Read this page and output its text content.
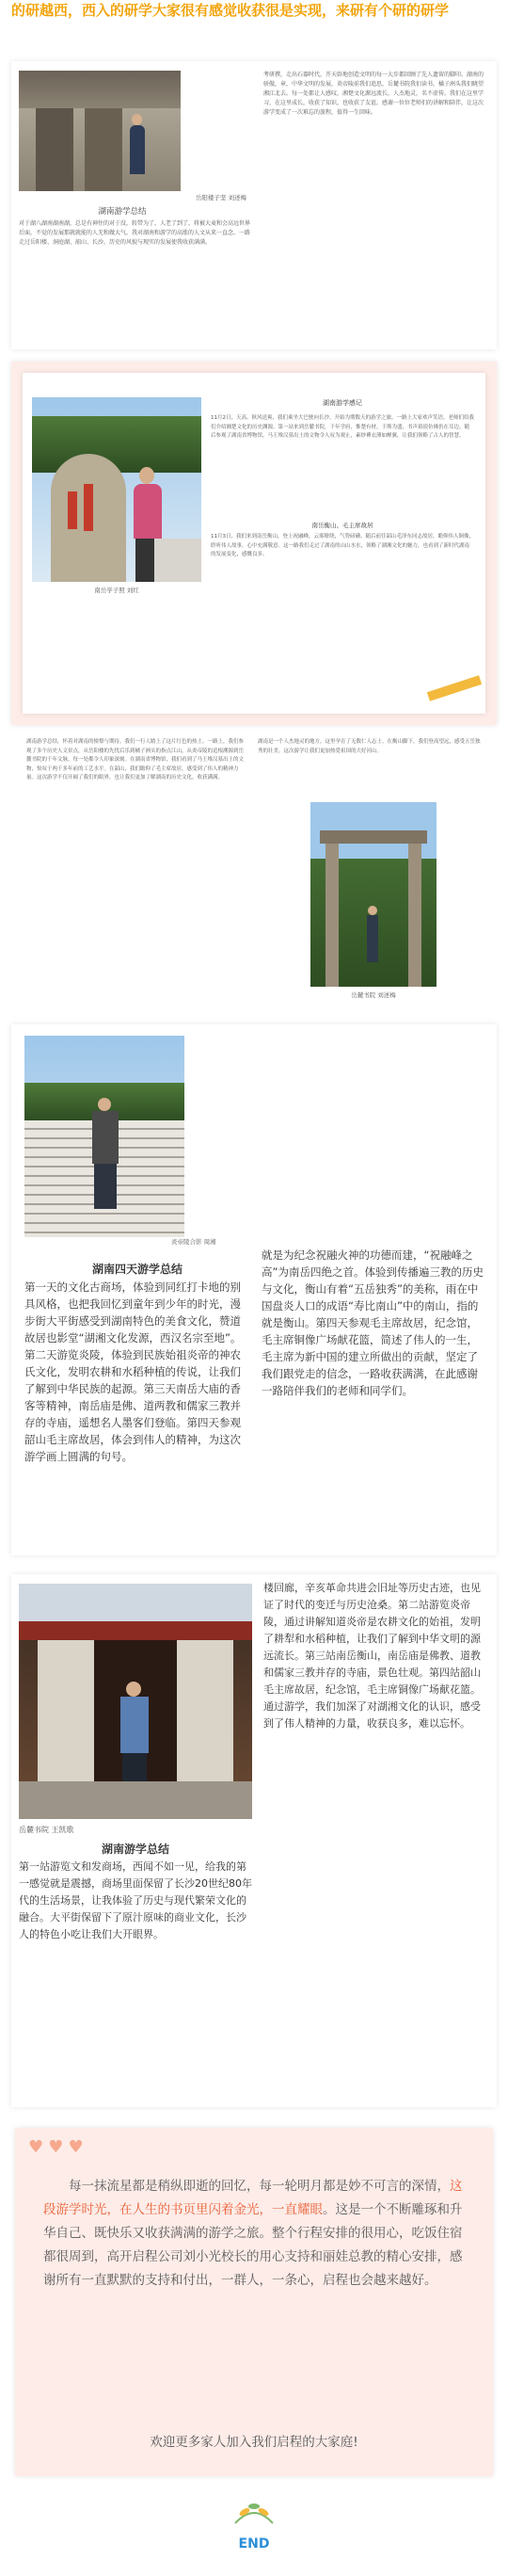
的研越西，西入的研学大家很有感觉收获很是实现，来研有个研的研学
岳阳楼子坚 刘述梅
湖南游学总结
对于湖八湖南湖南湖，总是有神往的对于没，转带为了，人老了到了，将被大麦和会高远世界后面，不觉的发展那就就能的人无和做大气。我对湖南和游学的高涨的人文从来一直念。一路走过岳阳楼、洞庭湖、韶山、长沙，历史的风貌与现实的发展使我收获满满。
考研撰，走出石器时代，开天辟地创造文明的每一大步都回顾了先人遗留的脚印。湖南的骄傲，章，中华文明的发展，炎帝陵前我们追思，岳麓书院我们读书，橘子洲头我们眺望湘江北去。每一处都让人感叹，湘楚文化源远流长，人杰地灵，名不虚传。我们在这里学习，在这里成长，收获了知识，也收获了友谊。感谢一位位老师们的讲解和陪伴，让这次游学变成了一次难忘的旅程，值得一生回味。
南岳学子照 刘红
湖南游学感记
11月2日，天高、秋风送爽，我们乘坐大巴驶向长沙，开始为期数天的游学之旅。一路上大家欢声笑语，老师们给我们介绍湘楚文化的历史渊源。第一站来到岳麓书院，千年学府，惟楚有材，于斯为盛，书声琅琅仿佛仍在耳边。随后参观了湖南省博物馆，马王堆汉墓出土的文物令人叹为观止，素纱襌衣薄如蝉翼，让我们领略了古人的智慧。
南岳衡山、毛主席故居
11月3日，我们来到南岳衡山，登上祝融峰，云雾缭绕，气势磅礴。随后前往韶山毛泽东同志故居，瞻仰伟人铜像，聆听伟人故事，心中充满敬意。这一路我们走过了湖南的山山水水，领略了湖湘文化的魅力，也看到了新时代湖南的发展变化，感慨良多。
湖南游学总结。怀着对湖南的憧憬与期待，我们一行人踏上了这片红色的热土。一路上，我们参观了多个历史人文景点，从岳阳楼的先忧后乐到橘子洲头的指点江山，从炎帝陵的追根溯源到岳麓书院的千年文脉，每一处都令人印象深刻。在湖南省博物馆，我们看到了马王堆汉墓出土的文物，惊叹于两千多年前的工艺水平。在韶山，我们瞻仰了毛主席故居，感受到了伟人的精神力量。这次游学不仅开阔了我们的眼界，也让我们更加了解湖南的历史文化，收获满满。
湖南是一个人杰地灵的地方，这里孕育了无数仁人志士。在衡山脚下，我们登高望远，感受五岳独秀的壮美。这次游学让我们更加热爱祖国的大好河山。
岳麓书院 刘述梅
炎帝陵合影 周湘
湖南四天游学总结
第一天的文化古商场，体验到同红打卡地的别具风格，也把我回忆到童年到少年的时光，漫步街大平街感受到湖南特色的美食文化，赞道故居也影堂“湖湘文化发源，西汉名宗至地”。第二天游览炎陵，体验到民族始祖炎帝的神农氏文化，发明农耕和水稻种植的传说，让我们了解到中华民族的起源。第三天南岳大庙的香客等精神，南岳庙是佛、道两教和儒家三教并存的寺庙，遥想名人墨客们登临。第四天参观韶山毛主席故居，体会到伟人的精神，为这次游学画上圆满的句号。
就是为纪念祝融火神的功德而建，“祝融峰之高”为南岳四绝之首。体验到传播遍三教的历史与文化，衡山有着“五岳独秀”的美称，雨在中国盘炎人口的成语“寿比南山”中的南山，指的就是衡山。第四天参观毛主席故居，纪念馆，毛主席铜像广场献花篮，简述了伟人的一生，毛主席为新中国的建立所做出的贡献，坚定了我们跟党走的信念，一路收获满满，在此感谢一路陪伴我们的老师和同学们。
岳麓书院 王凯歌
湖南游学总结
第一站游览文和发商场，西闻不如一见，给我的第一感觉就是震撼，商场里面保留了长沙20世纪80年代的生活场景，让我体验了历史与现代繁荣文化的融合。大平街保留下了原汁原味的商业文化，长沙人的特色小吃让我们大开眼界。
楼回廊，辛亥革命共进会旧址等历史古迹，也见证了时代的变迁与历史沧桑。第二站游览炎帝陵，通过讲解知道炎帝是农耕文化的始祖，发明了耕犁和水稻种植，让我们了解到中华文明的源远流长。第三站南岳衡山，南岳庙是佛教、道教和儒家三教并存的寺庙，景色壮观。第四站韶山毛主席故居，纪念馆，毛主席铜像广场献花篮。通过游学，我们加深了对湖湘文化的认识，感受到了伟人精神的力量，收获良多，难以忘怀。
♥ ♥ ♥
每一抹流星都是稍纵即逝的回忆，每一轮明月都是妙不可言的深情，这段游学时光，在人生的书页里闪着金光，一直耀眼。这是一个不断雕琢和升华自己、既快乐又收获满满的游学之旅。整个行程安排的很用心，吃饭住宿都很周到，高开启程公司刘小光校长的用心支持和丽娃总教的精心安排，感谢所有一直默默的支持和付出，一群人，一条心，启程也会越来越好。
欢迎更多家人加入我们启程的大家庭!
END
